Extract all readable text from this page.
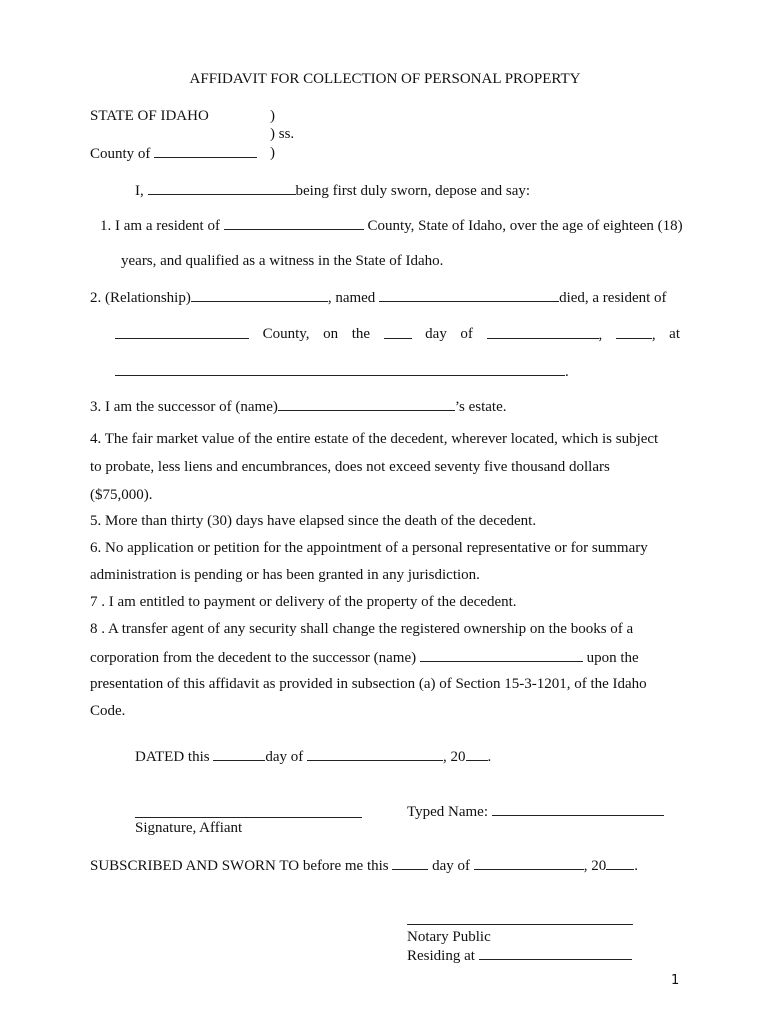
AFFIDAVIT FOR COLLECTION OF PERSONAL PROPERTY
STATE OF IDAHO	)
) ss.
County of	)
I,	being first duly sworn, depose and say:
1. I am a resident of	County, State of Idaho, over the age of eighteen (18)
years, and qualified as a witness in the State of Idaho.
2. (Relationship)	, named	died, a resident of
County, on the	day of	,	, at
.
3. I am the successor of (name)	’s estate.
4. The fair market value of the entire estate of the decedent, wherever located, which is subject
to probate, less liens and encumbrances, does not exceed seventy five thousand dollars
($75,000).
5. More than thirty (30) days have elapsed since the death of the decedent.
6. No application or petition for the appointment of a personal representative or for summary
administration is pending or has been granted in any jurisdiction.
7 . I am entitled to payment or delivery of the property of the decedent.
8 . A transfer agent of any security shall change the registered ownership on the books of a
corporation from the decedent to the successor (name)	upon the
presentation of this affidavit as provided in subsection (a) of Section 15-3-1201, of the Idaho
Code.
DATED this	day of	, 20 .
Signature, Affiant
Typed Name:
SUBSCRIBED AND SWORN TO before me this	day of	, 20 .
Notary Public
Residing at
1
